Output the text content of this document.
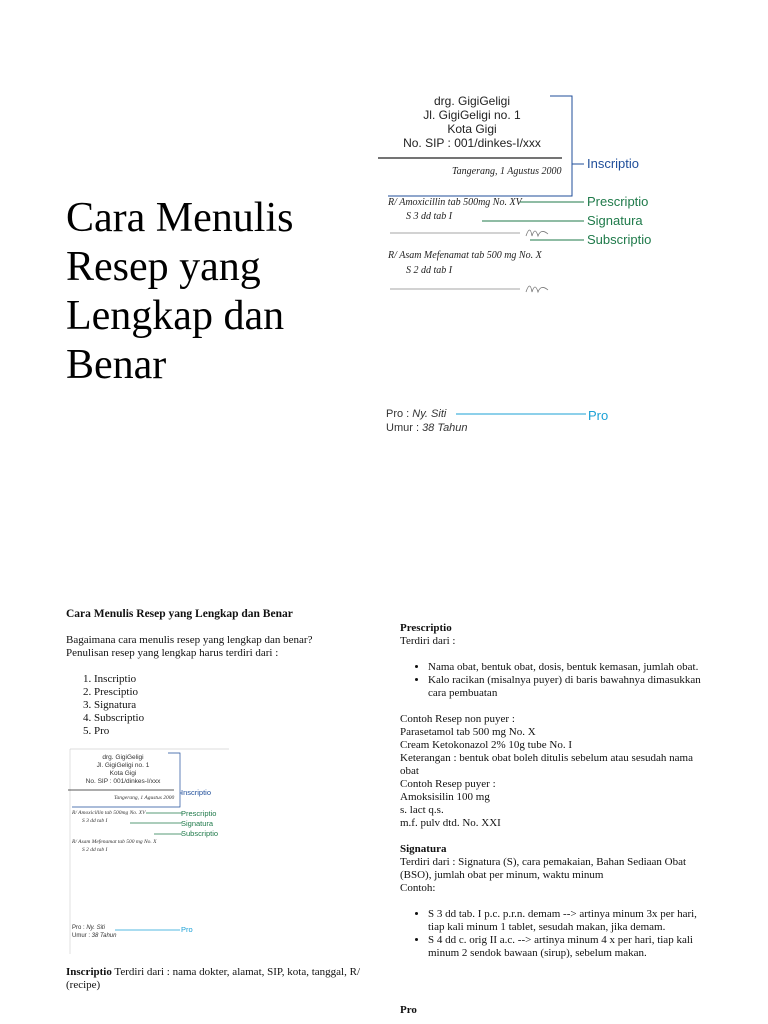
Cara Menulis Resep yang Lengkap dan Benar
drg. GigiGeligi
Jl. GigiGeligi no. 1
Kota Gigi
No. SIP : 001/dinkes-I/xxx
Tangerang, 1 Agustus 2000
R/ Amoxicillin tab 500mg No. XV
S 3 dd tab I
R/ Asam Mefenamat tab 500 mg No. X
S 2 dd tab I
Inscriptio
Prescriptio
Signatura
Subscriptio
Pro : Ny. Siti
Umur : 38 Tahun
Pro

Cara Menulis Resep yang Lengkap dan Benar

Bagaimana cara menulis resep yang lengkap dan benar?

Penulisan resep yang lengkap harus terdiri dari :

1. Inscriptio
2. Presciptio
3. Signatura
4. Subscriptio
5. Pro
drg. GigiGeligi
Jl. GigiGeligi no. 1
Kota Gigi
No. SIP : 001/dinkes-I/xxx
Tangerang, 1 Agustus 2000
R/ Amoxicillin tab 500mg No. XV
S 3 dd tab I
R/ Asam Mefenamat tab 500 mg No. X
S 2 dd tab I
Inscriptio
Prescriptio
Signatura
Subscriptio
Pro : Ny. Siti
Umur : 38 Tahun
Pro
Inscriptio Terdiri dari : nama dokter, alamat, SIP, kota, tanggal, R/ (recipe)

Prescriptio

Terdiri dari :

• Nama obat, bentuk obat, dosis, bentuk kemasan, jumlah obat.
• Kalo racikan (misalnya puyer) di baris bawahnya dimasukkan cara pembuatan

Contoh Resep non puyer :

Parasetamol tab 500 mg No. X

Cream Ketokonazol 2% 10g tube No. I

Keterangan : bentuk obat boleh ditulis sebelum atau sesudah nama obat

Contoh Resep puyer :

Amoksisilin 100 mg

s. lact q.s.

m.f. pulv dtd. No. XXI

Signatura

Terdiri dari : Signatura (S), cara pemakaian, Bahan Sediaan Obat (BSO), jumlah obat per minum, waktu minum

Contoh:

• S 3 dd tab. I p.c. p.r.n. demam --> artinya minum 3x per hari, tiap kali minum 1 tablet, sesudah makan, jika demam.
• S 4 dd c. orig II a.c. --> artinya minum 4 x per hari, tiap kali minum 2 sendok bawaan (sirup), sebelum makan.

Pro
